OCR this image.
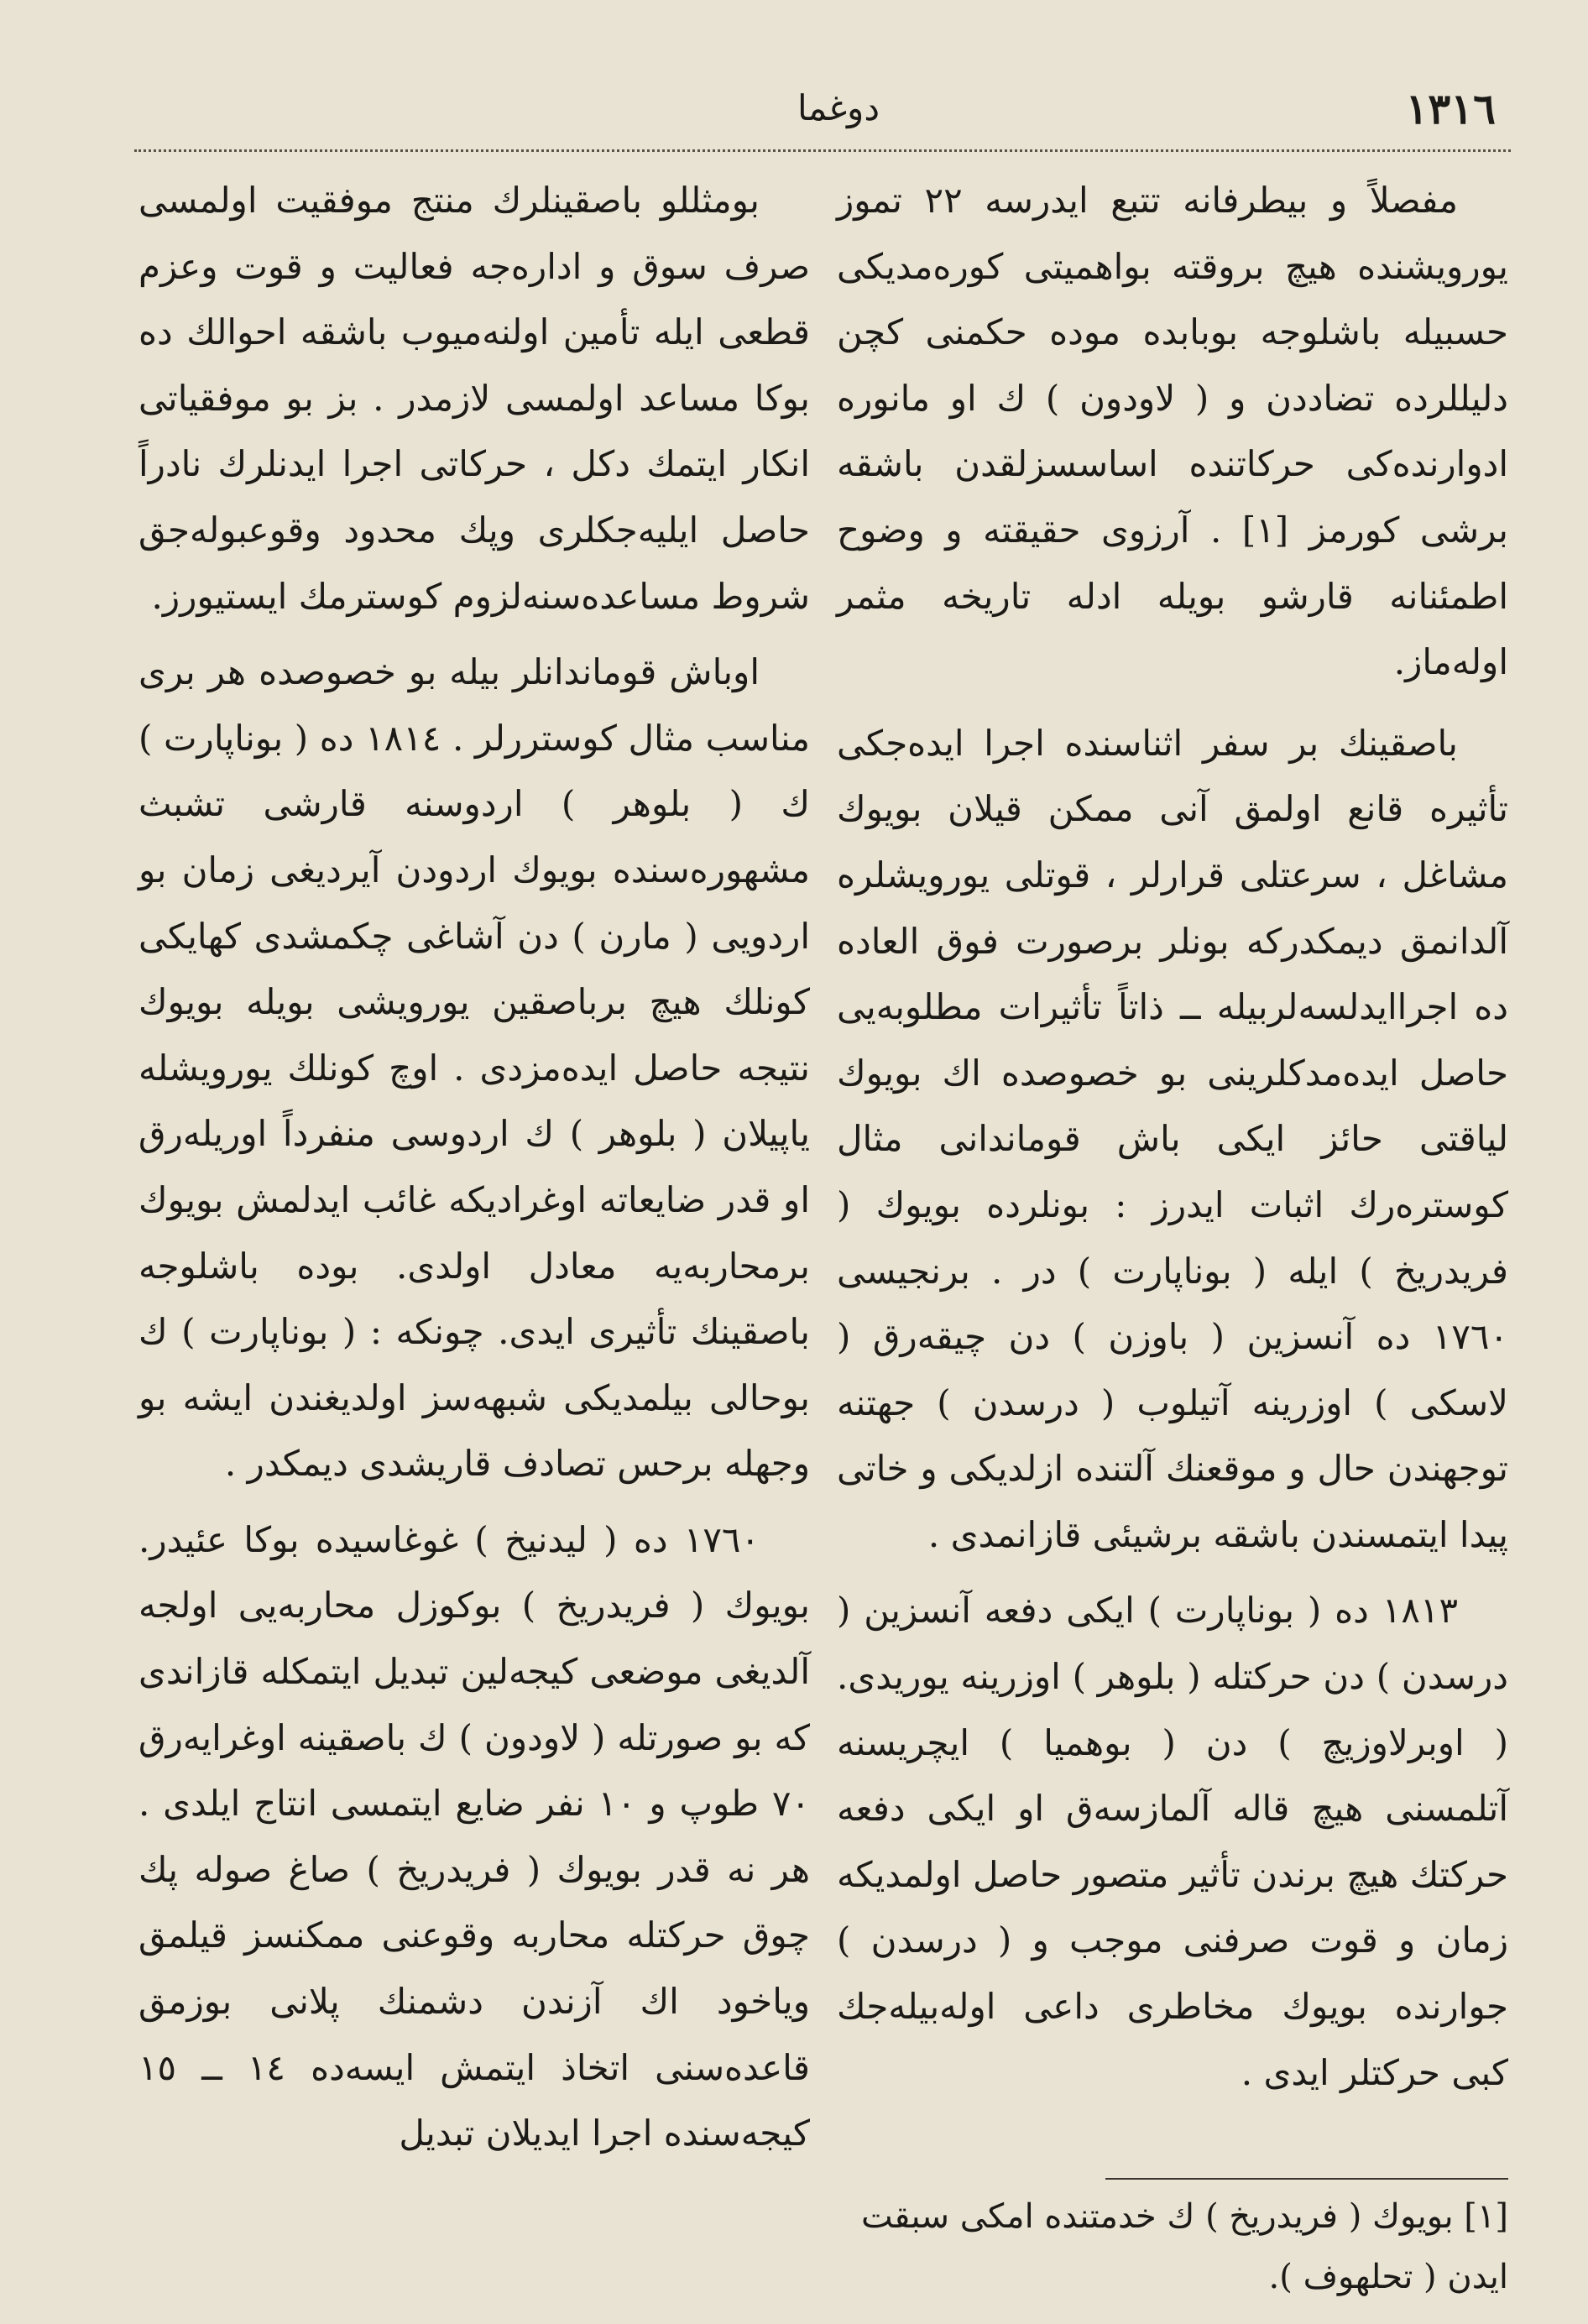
١٣١٦
دوغما

مفصلاً و بیطرفانه تتبع ایدرسه ٢٢ تموز یورویشنده هیچ بروقته بواهمیتی کورەمدیکی حسبیله باشلوجه بوبابده موده حکمنی کچن دلیللرده تضاددن و ( لاودون ) ك او مانوره ادوارندەکی حرکاتنده اساسسزلقدن باشقه برشی کورمز [١] . آرزوی حقیقته و وضوح اطمئنانه قارشو بویله ادله تاریخه مثمر اولەماز.

باصقینك بر سفر اثناسنده اجرا ایدەجکی تأثیره قانع اولمق آنی ممکن قیلان بویوك مشاغل ، سرعتلی قرارلر ، قوتلی یورویشلره آلدانمق دیمکدرکه بونلر برصورت فوق العاده ده اجراایدلسەلربیله ــ ذاتاً تأثیرات مطلوبەیی حاصل ایدەمدکلرینی بو خصوصده اك بویوك لیاقتی حائز ایکی باش قوماندانی مثال کوسترەرك اثبات ایدرز : بونلرده بویوك ( فریدریخ ) ایله ( بوناپارت ) در . برنجیسی ١٧٦٠ ده آنسزین ( باوزن ) دن چیقەرق ( لاسکی ) اوزرینه آتیلوب ( درسدن ) جهتنه توجهندن حال و موقعنك آلتنده ازلدیکی و خاتی پیدا ایتمسندن باشقه برشیئی قازانمدی .

١٨١٣ ده ( بوناپارت ) ایکی دفعه آنسزین ( درسدن ) دن حرکتله ( بلوهر ) اوزرینه یوریدی. ( اوبرلاوزیچ ) دن ( بوهمیا ) ایچریسنه آتلمسنی هیچ قاله آلمازسەق او ایکی دفعه حرکتك هیچ برندن تأثیر متصور حاصل اولمدیکه زمان و قوت صرفنی موجب و ( درسدن ) جوارنده بویوك مخاطری داعی اولەبیلەجك کبی حرکتلر ایدی .

بومثللو باصقینلرك منتج موفقیت اولمسی صرف سوق و ادارەجه فعالیت و قوت وعزم قطعی ایله تأمین اولنەمیوب باشقه احوالك ده بوكا مساعد اولمسی لازمدر . بز بو موفقیاتی انکار ایتمك دکل ، حرکاتی اجرا ایدنلرك نادراً حاصل ایلیەجکلری وپك محدود وقوعبولەجق شروط مساعدەسنەلزوم کوسترمك ایستیورز.

اوباش قوماندانلر بیله بو خصوصده هر بری مناسب مثال کوستررلر . ١٨١٤ ده ( بوناپارت ) ك ( بلوهر ) اردوسنه قارشی تشبث مشهورەسنده بویوك اردودن آیردیغی زمان بو اردویی ( مارن ) دن آشاغی چکمشدی کهایکی کونلك هیچ برباصقین یورویشی بویله بویوك نتیجه حاصل ایدەمزدی . اوچ کونلك یورویشله یاپیلان ( بلوهر ) ك اردوسی منفرداً اوریلەرق او قدر ضایعاته اوغرادیکه غائب ایدلمش بویوك برمحاربەیه معادل اولدی. بوده باشلوجه باصقینك تأثیری ایدی. چونکه : ( بوناپارت ) ك بوحالی بیلمدیکی شبهەسز اولدیغندن ایشه بو وجهله برحس تصادف قاریشدی دیمکدر .

١٧٦٠ ده ( لیدنیخ ) غوغاسیده بوکا عئیدر. بویوك ( فریدریخ ) بوکوزل محاربەیی اولجه آلدیغی موضعی کیجەلین تبدیل ایتمکله قازاندی که بو صورتله ( لاودون ) ك باصقینه اوغرایەرق ٧٠ طوپ و ١٠ نفر ضایع ایتمسی انتاج ایلدی . هر نه قدر بویوك ( فریدریخ ) صاغ صوله پك چوق حرکتله محاربه وقوعنی ممکنسز قیلمق ویاخود اك آزندن دشمنك پلانی بوزمق قاعدەسنی اتخاذ ایتمش ایسەده ١٤ ــ ١٥ کیجەسنده اجرا ایدیلان تبدیل

[١] بویوك ( فریدریخ ) ك خدمتنده امکی سبقت ایدن ( تحلهوف ).
